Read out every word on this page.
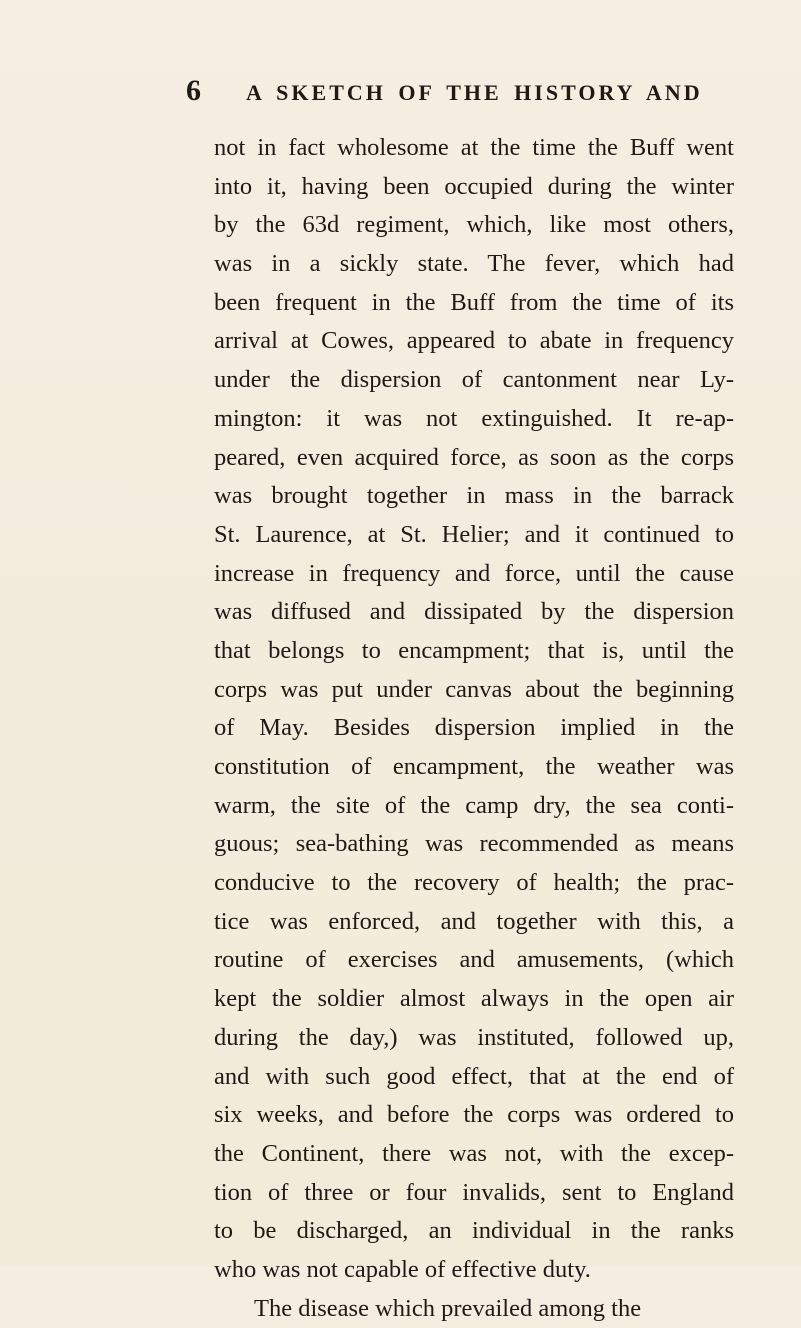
6 A SKETCH OF THE HISTORY AND
not in fact wholesome at the time the Buff went
into it, having been occupied during the winter
by the 63d regiment, which, like most others,
was in a sickly state. The fever, which had
been frequent in the Buff from the time of its
arrival at Cowes, appeared to abate in frequency
under the dispersion of cantonment near Ly-
mington: it was not extinguished. It re-ap-
peared, even acquired force, as soon as the corps
was brought together in mass in the barrack
St. Laurence, at St. Helier; and it continued to
increase in frequency and force, until the cause
was diffused and dissipated by the dispersion
that belongs to encampment; that is, until the
corps was put under canvas about the beginning
of May. Besides dispersion implied in the
constitution of encampment, the weather was
warm, the site of the camp dry, the sea conti-
guous; sea-bathing was recommended as means
conducive to the recovery of health; the prac-
tice was enforced, and together with this, a
routine of exercises and amusements, (which
kept the soldier almost always in the open air
during the day,) was instituted, followed up,
and with such good effect, that at the end of
six weeks, and before the corps was ordered to
the Continent, there was not, with the excep-
tion of three or four invalids, sent to England
to be discharged, an individual in the ranks
who was not capable of effective duty.
The disease which prevailed among the
